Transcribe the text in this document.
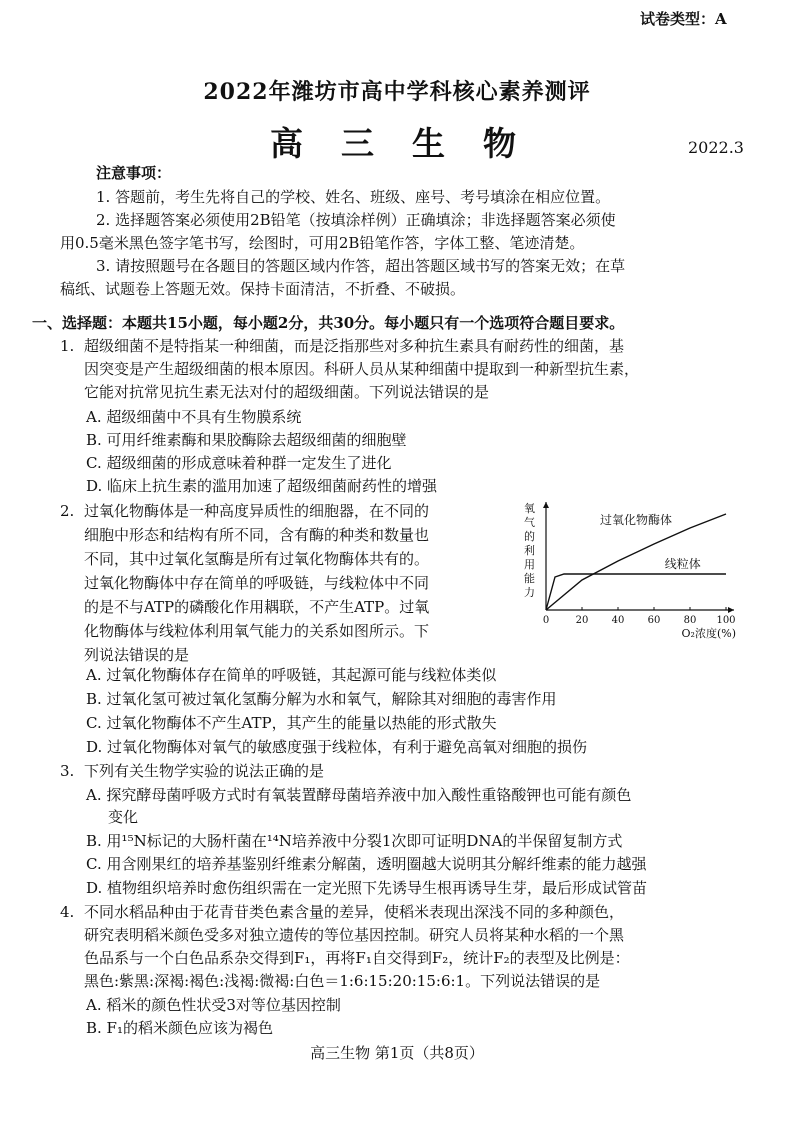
试卷类型：A
2022年潍坊市高中学科核心素养测评
高三生物	2022.3
注意事项：
1. 答题前，考生先将自己的学校、姓名、班级、座号、考号填涂在相应位置。
2. 选择题答案必须使用2B铅笔（按填涂样例）正确填涂；非选择题答案必须使
用0.5毫米黑色签字笔书写，绘图时，可用2B铅笔作答，字体工整、笔迹清楚。
3. 请按照题号在各题目的答题区域内作答，超出答题区域书写的答案无效；在草
稿纸、试题卷上答题无效。保持卡面清洁，不折叠、不破损。
一、选择题：本题共15小题，每小题2分，共30分。每小题只有一个选项符合题目要求。
1. 超级细菌不是特指某一种细菌，而是泛指那些对多种抗生素具有耐药性的细菌，基
因突变是产生超级细菌的根本原因。科研人员从某种细菌中提取到一种新型抗生素，
它能对抗常见抗生素无法对付的超级细菌。下列说法错误的是
A. 超级细菌中不具有生物膜系统
B. 可用纤维素酶和果胶酶除去超级细菌的细胞壁
C. 超级细菌的形成意味着种群一定发生了进化
D. 临床上抗生素的滥用加速了超级细菌耐药性的增强
2. 过氧化物酶体是一种高度异质性的细胞器，在不同的
细胞中形态和结构有所不同，含有酶的种类和数量也
不同，其中过氧化氢酶是所有过氧化物酶体共有的。
过氧化物酶体中存在简单的呼吸链，与线粒体中不同
的是不与ATP的磷酸化作用耦联，不产生ATP。过氧
化物酶体与线粒体利用氧气能力的关系如图所示。下
列说法错误的是
0	20 40 60 80 100
过氧化物酶体
线粒体
氧
气
的
利
用
能
力
O₂浓度(%)
A. 过氧化物酶体存在简单的呼吸链，其起源可能与线粒体类似
B. 过氧化氢可被过氧化氢酶分解为水和氧气，解除其对细胞的毒害作用
C. 过氧化物酶体不产生ATP，其产生的能量以热能的形式散失
D. 过氧化物酶体对氧气的敏感度强于线粒体，有利于避免高氧对细胞的损伤
3. 下列有关生物学实验的说法正确的是
A. 探究酵母菌呼吸方式时有氧装置酵母菌培养液中加入酸性重铬酸钾也可能有颜色
变化
B. 用¹⁵N标记的大肠杆菌在¹⁴N培养液中分裂1次即可证明DNA的半保留复制方式
C. 用含刚果红的培养基鉴别纤维素分解菌，透明圈越大说明其分解纤维素的能力越强
D. 植物组织培养时愈伤组织需在一定光照下先诱导生根再诱导生芽，最后形成试管苗
4. 不同水稻品种由于花青苷类色素含量的差异，使稻米表现出深浅不同的多种颜色，
研究表明稻米颜色受多对独立遗传的等位基因控制。研究人员将某种水稻的一个黑
色品系与一个白色品系杂交得到F₁，再将F₁自交得到F₂，统计F₂的表型及比例是：
黑色:紫黑:深褐:褐色:浅褐:微褐:白色＝1:6:15:20:15:6:1。下列说法错误的是
A. 稻米的颜色性状受3对等位基因控制
B. F₁的稻米颜色应该为褐色
高三生物 第1页（共8页）
